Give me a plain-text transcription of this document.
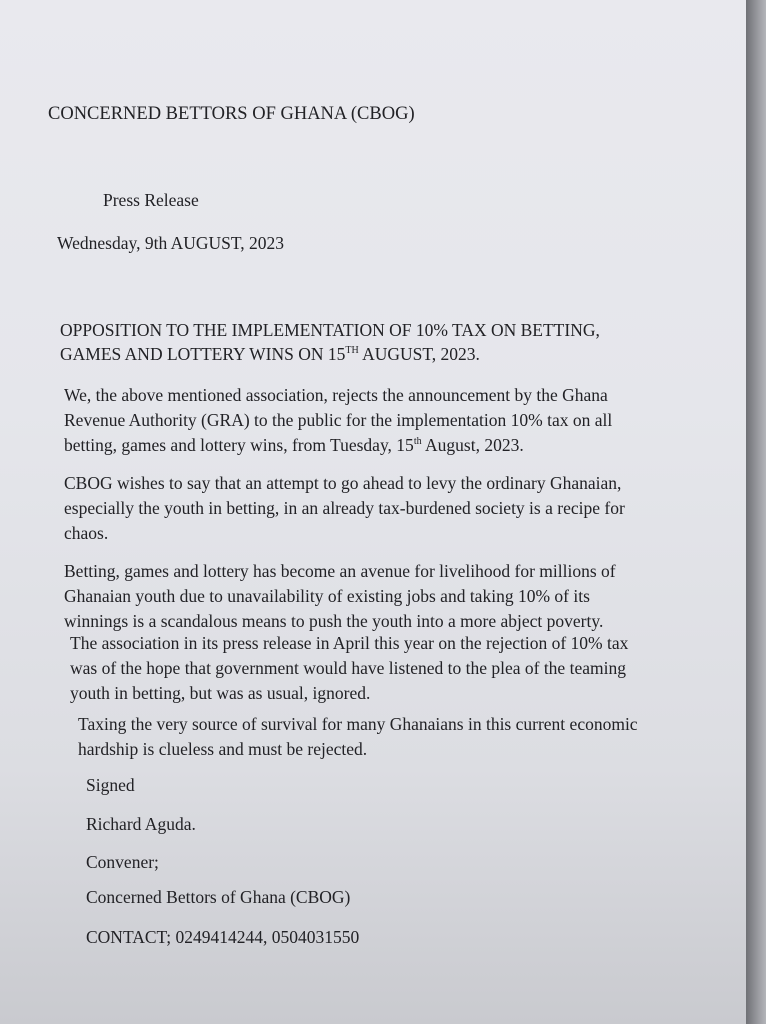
CONCERNED BETTORS OF GHANA (CBOG)
Press Release
Wednesday, 9th AUGUST, 2023
OPPOSITION TO THE IMPLEMENTATION OF 10% TAX ON BETTING,
GAMES AND LOTTERY WINS ON 15TH AUGUST, 2023.
We, the above mentioned association, rejects the announcement by the Ghana
Revenue Authority (GRA) to the public for the implementation 10% tax on all
betting, games and lottery wins, from Tuesday, 15th August, 2023.
CBOG wishes to say that an attempt to go ahead to levy the ordinary Ghanaian,
especially the youth in betting, in an already tax-burdened society is a recipe for
chaos.
Betting, games and lottery has become an avenue for livelihood for millions of
Ghanaian youth due to unavailability of existing jobs and taking 10% of its
winnings is a scandalous means to push the youth into a more abject poverty.
The association in its press release in April this year on the rejection of 10% tax
was of the hope that government would have listened to the plea of the teaming
youth in betting, but was as usual, ignored.
Taxing the very source of survival for many Ghanaians in this current economic
hardship is clueless and must be rejected.
Signed
Richard Aguda.
Convener;
Concerned Bettors of Ghana (CBOG)
CONTACT; 0249414244, 0504031550
